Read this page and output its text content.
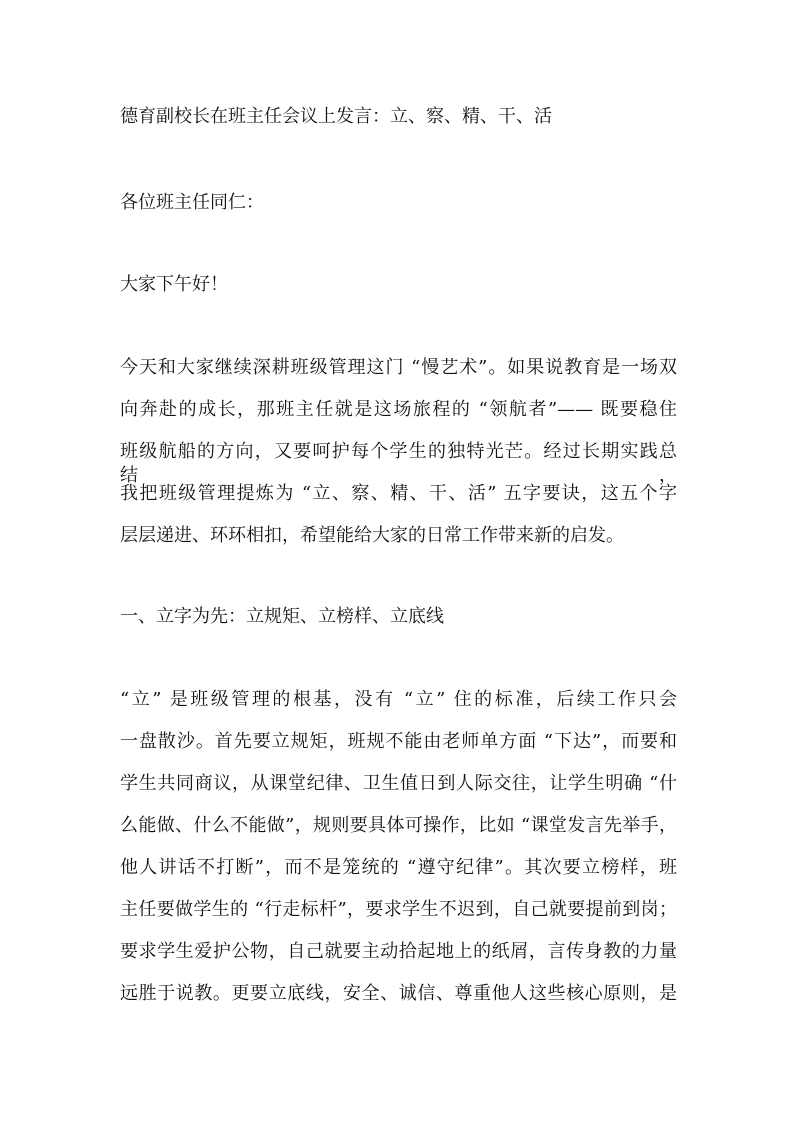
德育副校长在班主任会议上发言：立、察、精、干、活
各位班主任同仁：
大家下午好！
今天和大家继续深耕班级管理这门 “慢艺术”。如果说教育是一场双
向奔赴的成长，那班主任就是这场旅程的 “领航者”—— 既要稳住
班级航船的方向，又要呵护每个学生的独特光芒。经过长期实践总结，
我把班级管理提炼为 “立、察、精、干、活” 五字要诀，这五个字
层层递进、环环相扣，希望能给大家的日常工作带来新的启发。
一、立字为先：立规矩、立榜样、立底线
“立” 是班级管理的根基，没有 “立” 住的标准，后续工作只会
一盘散沙。首先要立规矩，班规不能由老师单方面 “下达”，而要和
学生共同商议，从课堂纪律、卫生值日到人际交往，让学生明确 “什
么能做、什么不能做”，规则要具体可操作，比如 “课堂发言先举手，
他人讲话不打断”，而不是笼统的 “遵守纪律”。其次要立榜样，班
主任要做学生的 “行走标杆”，要求学生不迟到，自己就要提前到岗；
要求学生爱护公物，自己就要主动拾起地上的纸屑，言传身教的力量
远胜于说教。更要立底线，安全、诚信、尊重他人这些核心原则，是
